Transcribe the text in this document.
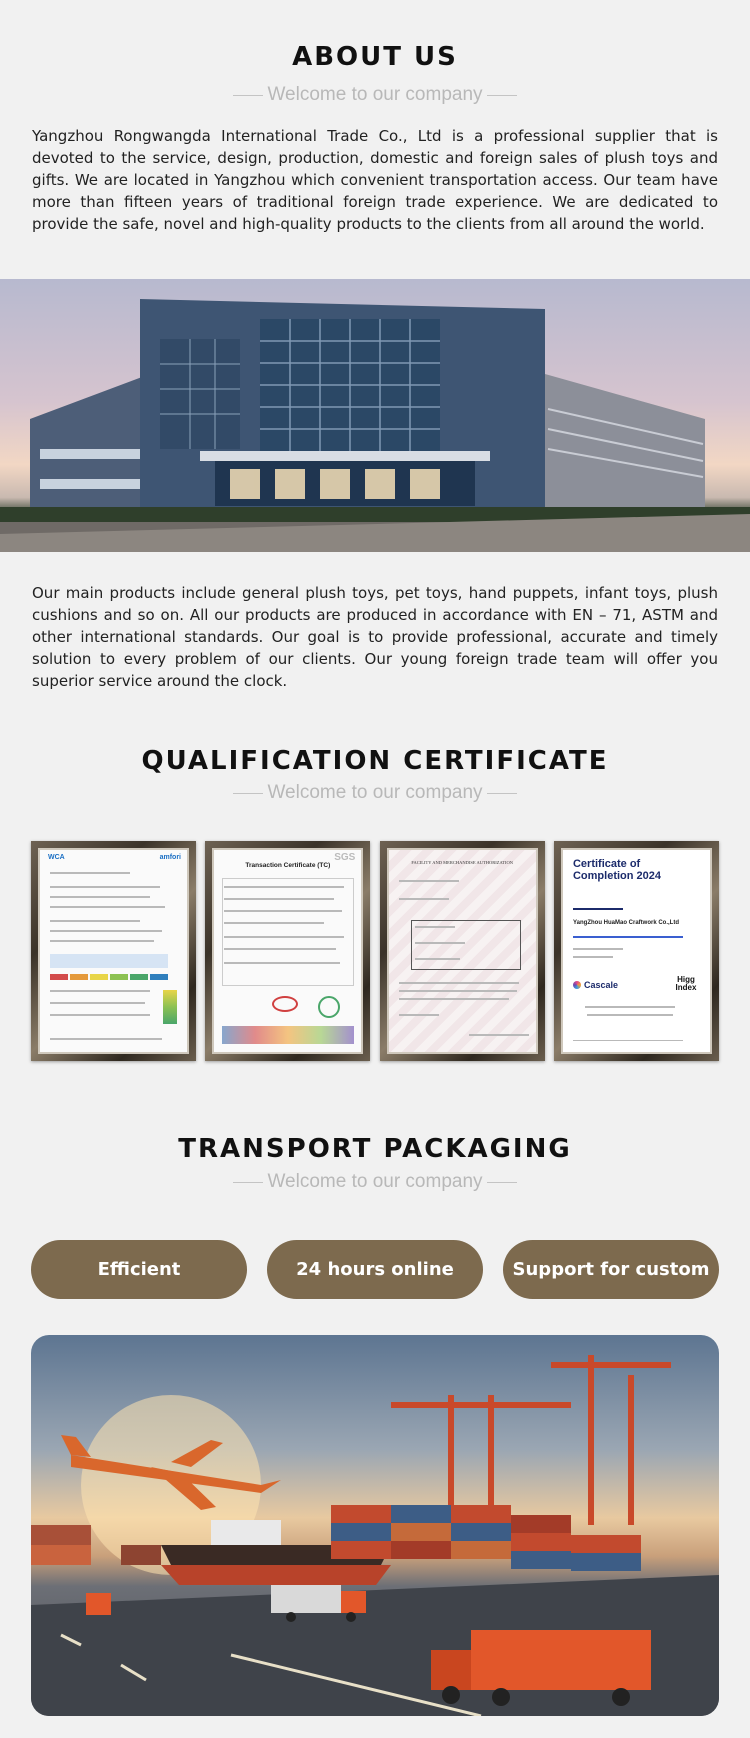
ABOUT US
Welcome to our company

Yangzhou Rongwangda International Trade Co., Ltd is a professional supplier that is devoted to the service, design, production, domestic and foreign sales of plush toys and gifts. We are located in Yangzhou which convenient transportation access. Our team have more than fifteen years of traditional foreign trade experience. We are dedicated to provide the safe, novel and high-quality products to the clients from all around the world.

Our main products include general plush toys, pet toys, hand puppets, infant toys, plush cushions and so on. All our products are produced in accordance with EN – 71, ASTM and other international standards. Our goal is to provide professional, accurate and timely solution to every problem of our clients. Our young foreign trade team will offer you superior service around the clock.

QUALIFICATION CERTIFICATE
Welcome to our company
amfori
WCA
Transaction Certificate (TC)
SGS	FACILITY AND MERCHANDISE AUTHORIZATION	Certificate of Completion 2024
YangZhou HuaMao Craftwork Co.,Ltd
Cascale
Higg Index
TRANSPORT PACKAGING
Welcome to our company
Efficient	24 hours online	Support for custom
